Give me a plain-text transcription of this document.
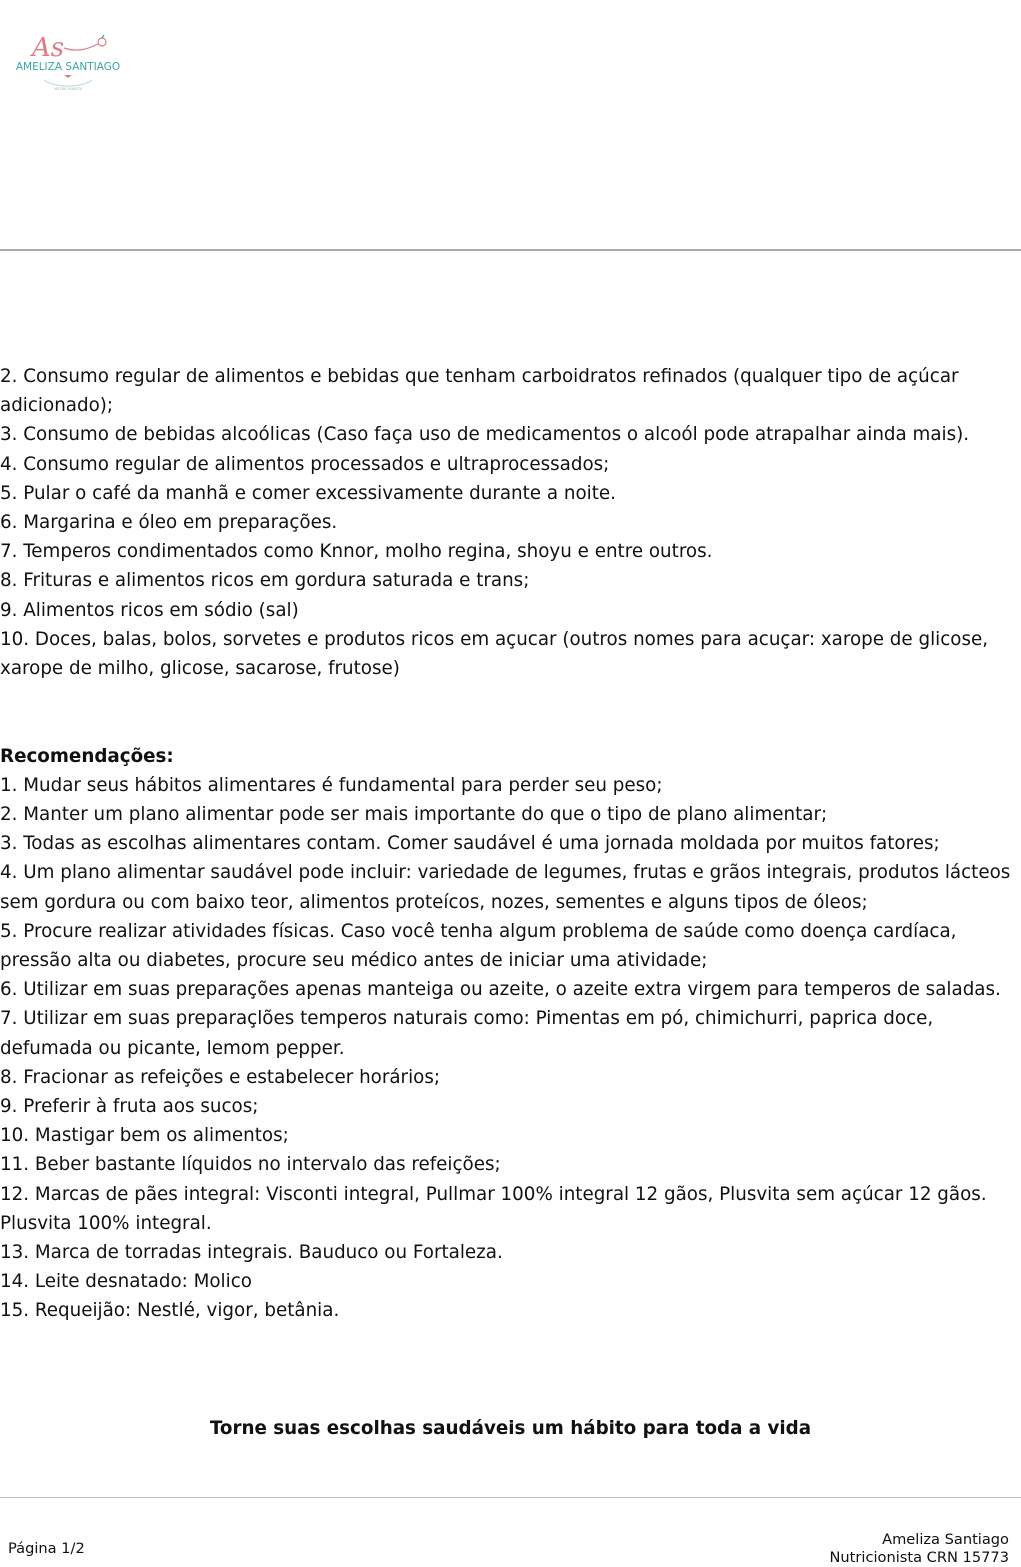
As
AMELIZA SANTIAGO
NUTRICIONISTA

2. Consumo regular de alimentos e bebidas que tenham carboidratos refinados (qualquer tipo de açúcar adicionado);

3. Consumo de bebidas alcoólicas (Caso faça uso de medicamentos o alcoól pode atrapalhar ainda mais).

4. Consumo regular de alimentos processados e ultraprocessados;

5. Pular o café da manhã e comer excessivamente durante a noite.

6. Margarina e óleo em preparações.

7. Temperos condimentados como Knnor, molho regina, shoyu e entre outros.

8. Frituras e alimentos ricos em gordura saturada e trans;

9. Alimentos ricos em sódio (sal)

10. Doces, balas, bolos, sorvetes e produtos ricos em açucar (outros nomes para acuçar: xarope de glicose, xarope de milho, glicose, sacarose, frutose)

Recomendações:

1. Mudar seus hábitos alimentares é fundamental para perder seu peso;

2. Manter um plano alimentar pode ser mais importante do que o tipo de plano alimentar;

3. Todas as escolhas alimentares contam. Comer saudável é uma jornada moldada por muitos fatores;

4. Um plano alimentar saudável pode incluir: variedade de legumes, frutas e grãos integrais, produtos lácteos sem gordura ou com baixo teor, alimentos proteícos, nozes, sementes e alguns tipos de óleos;

5. Procure realizar atividades físicas. Caso você tenha algum problema de saúde como doença cardíaca, pressão alta ou diabetes, procure seu médico antes de iniciar uma atividade;

6. Utilizar em suas preparações apenas manteiga ou azeite, o azeite extra virgem para temperos de saladas.

7. Utilizar em suas preparaçlões temperos naturais como: Pimentas em pó, chimichurri, paprica doce, defumada ou picante, lemom pepper.

8. Fracionar as refeições e estabelecer horários;

9. Preferir à fruta aos sucos;

10. Mastigar bem os alimentos;

11. Beber bastante líquidos no intervalo das refeições;

12. Marcas de pães integral: Visconti integral, Pullmar 100% integral 12 gãos, Plusvita sem açúcar 12 gãos. Plusvita 100% integral.

13. Marca de torradas integrais. Bauduco ou Fortaleza.

14. Leite desnatado: Molico

15. Requeijão: Nestlé, vigor, betânia.

Torne suas escolhas saudáveis um hábito para toda a vida
Página 1/2
Ameliza Santiago
Nutricionista CRN 15773
